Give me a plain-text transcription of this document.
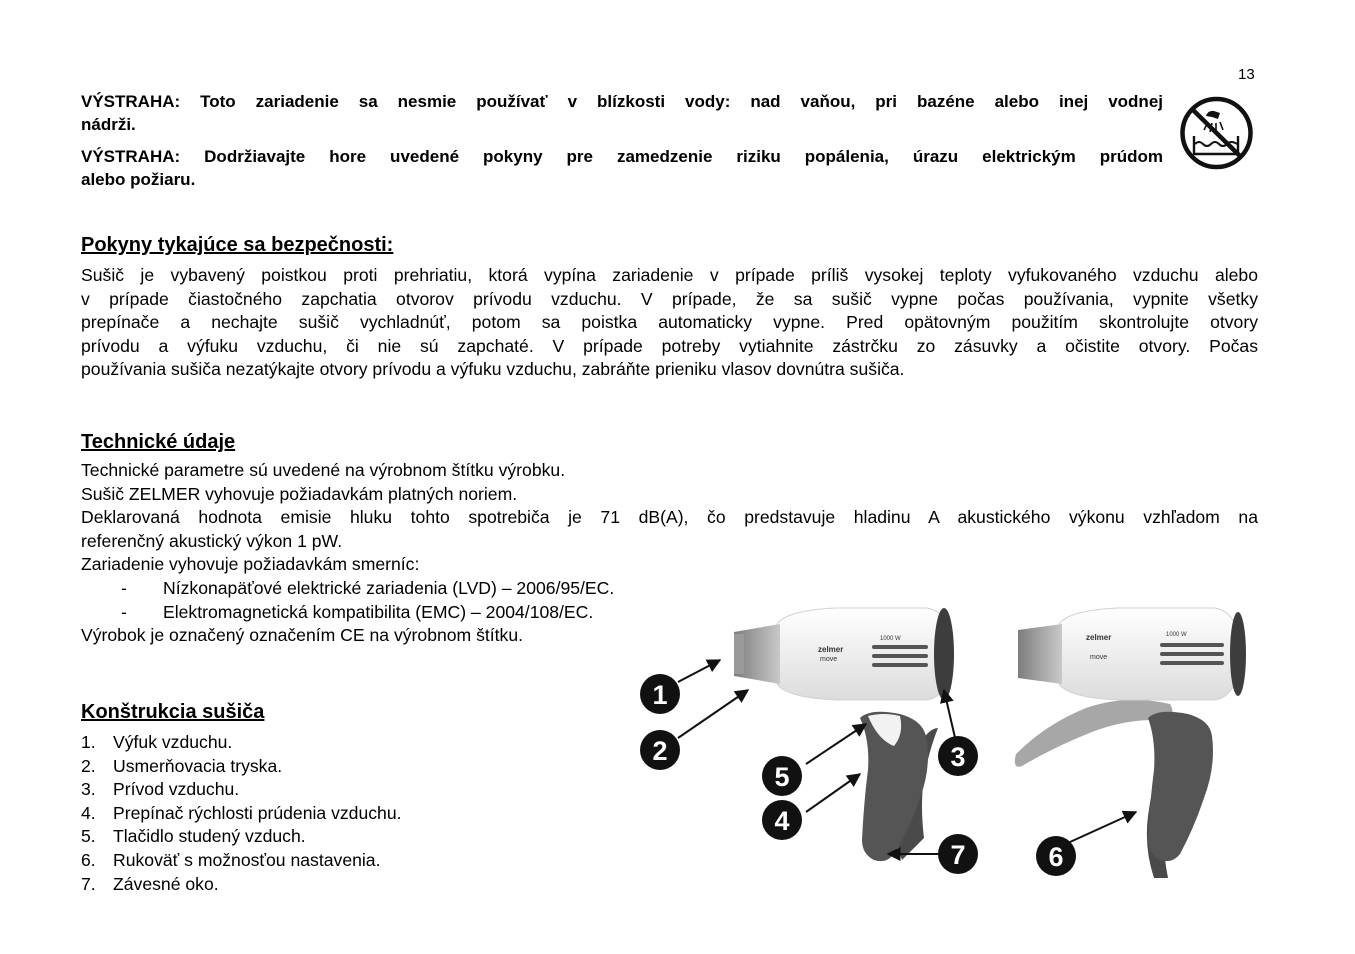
13
VÝSTRAHA: Toto zariadenie sa nesmie používať v blízkosti vody: nad vaňou, pri bazéne alebo inej vodnej
nádrži.
VÝSTRAHA: Dodržiavajte hore uvedené pokyny pre zamedzenie riziku popálenia, úrazu elektrickým prúdom
alebo požiaru.
Pokyny tykajúce sa bezpečnosti:
Sušič je vybavený poistkou proti prehriatiu, ktorá vypína zariadenie v prípade príliš vysokej teploty vyfukovaného vzduchu alebo
v prípade čiastočného zapchatia otvorov prívodu vzduchu. V prípade, že sa sušič vypne počas používania, vypnite všetky
prepínače a nechajte sušič vychladnúť, potom sa poistka automaticky vypne. Pred opätovným použitím skontrolujte otvory
prívodu a výfuku vzduchu, či nie sú zapchaté. V prípade potreby vytiahnite zástrčku zo zásuvky a očistite otvory. Počas
používania sušiča nezatýkajte otvory prívodu a výfuku vzduchu, zabráňte prieniku vlasov dovnútra sušiča.
Technické údaje
Technické parametre sú uvedené na výrobnom štítku výrobku.
Sušič ZELMER vyhovuje požiadavkám platných noriem.
Deklarovaná hodnota emisie hluku tohto spotrebiča je 71 dB(A), čo predstavuje hladinu A akustického výkonu vzhľadom na
referenčný akustický výkon 1 pW.
Zariadenie vyhovuje požiadavkám smerníc:
- Nízkonapäťové elektrické zariadenia (LVD) – 2006/95/EC.
- Elektromagnetická kompatibilita (EMC) – 2004/108/EC.
Výrobok je označený označením CE na výrobnom štítku.
Konštrukcia sušiča
1. Výfuk vzduchu.
2. Usmerňovacia tryska.
3. Prívod vzduchu.
4. Prepínač rýchlosti prúdenia vzduchu.
5. Tlačidlo studený vzduch.
6. Rukoväť s možnosťou nastavenia.
7. Závesné oko.
zelmer
move
1000 W	zelmer
move
1000 W
1
2	3
4
5
6
7
